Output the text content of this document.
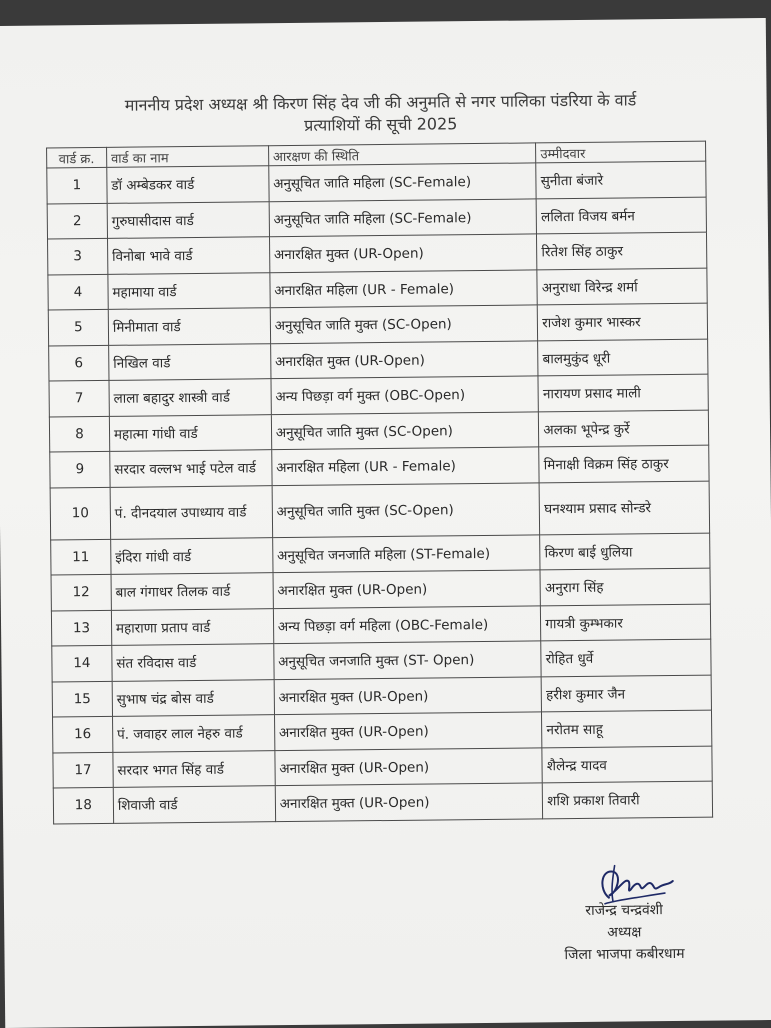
माननीय प्रदेश अध्यक्ष श्री किरण सिंह देव जी की अनुमति से नगर पालिका पंडरिया के वार्ड
प्रत्याशियों की सूची 2025
वार्ड क्र.	वार्ड का नाम	आरक्षण की स्थिति	उम्मीदवार
1	डॉ अम्बेडकर वार्ड	अनुसूचित जाति महिला (SC-Female)	सुनीता बंजारे
2	गुरुघासीदास वार्ड	अनुसूचित जाति महिला (SC-Female)	ललिता विजय बर्मन
3	विनोबा भावे वार्ड	अनारक्षित मुक्त (UR-Open)	रितेश सिंह ठाकुर
4	महामाया वार्ड	अनारक्षित महिला (UR - Female)	अनुराधा विरेन्द्र शर्मा
5	मिनीमाता वार्ड	अनुसूचित जाति मुक्त (SC-Open)	राजेश कुमार भास्कर
6	निखिल वार्ड	अनारक्षित मुक्त (UR-Open)	बालमुकुंद धूरी
7	लाला बहादुर शास्त्री वार्ड	अन्य पिछड़ा वर्ग मुक्त (OBC-Open)	नारायण प्रसाद माली
8	महात्मा गांधी वार्ड	अनुसूचित जाति मुक्त (SC-Open)	अलका भूपेन्द्र कुर्रे
9	सरदार वल्लभ भाई पटेल वार्ड	अनारक्षित महिला (UR - Female)	मिनाक्षी विक्रम सिंह ठाकुर
10	पं. दीनदयाल उपाध्याय वार्ड	अनुसूचित जाति मुक्त (SC-Open)	घनश्याम प्रसाद सोन्डरे
11	इंदिरा गांधी वार्ड	अनुसूचित जनजाति महिला (ST-Female)	किरण बाई धुलिया
12	बाल गंगाधर तिलक वार्ड	अनारक्षित मुक्त (UR-Open)	अनुराग सिंह
13	महाराणा प्रताप वार्ड	अन्य पिछड़ा वर्ग महिला (OBC-Female)	गायत्री कुम्भकार
14	संत रविदास वार्ड	अनुसूचित जनजाति मुक्त (ST- Open)	रोहित धुर्वे
15	सुभाष चंद्र बोस वार्ड	अनारक्षित मुक्त (UR-Open)	हरीश कुमार जैन
16	पं. जवाहर लाल नेहरु वार्ड	अनारक्षित मुक्त (UR-Open)	नरोतम साहू
17	सरदार भगत सिंह वार्ड	अनारक्षित मुक्त (UR-Open)	शैलेन्द्र यादव
18	शिवाजी वार्ड	अनारक्षित मुक्त (UR-Open)	शशि प्रकाश तिवारी
राजेन्द्र चन्द्रवंशी
अध्यक्ष
जिला भाजपा कबीरधाम
